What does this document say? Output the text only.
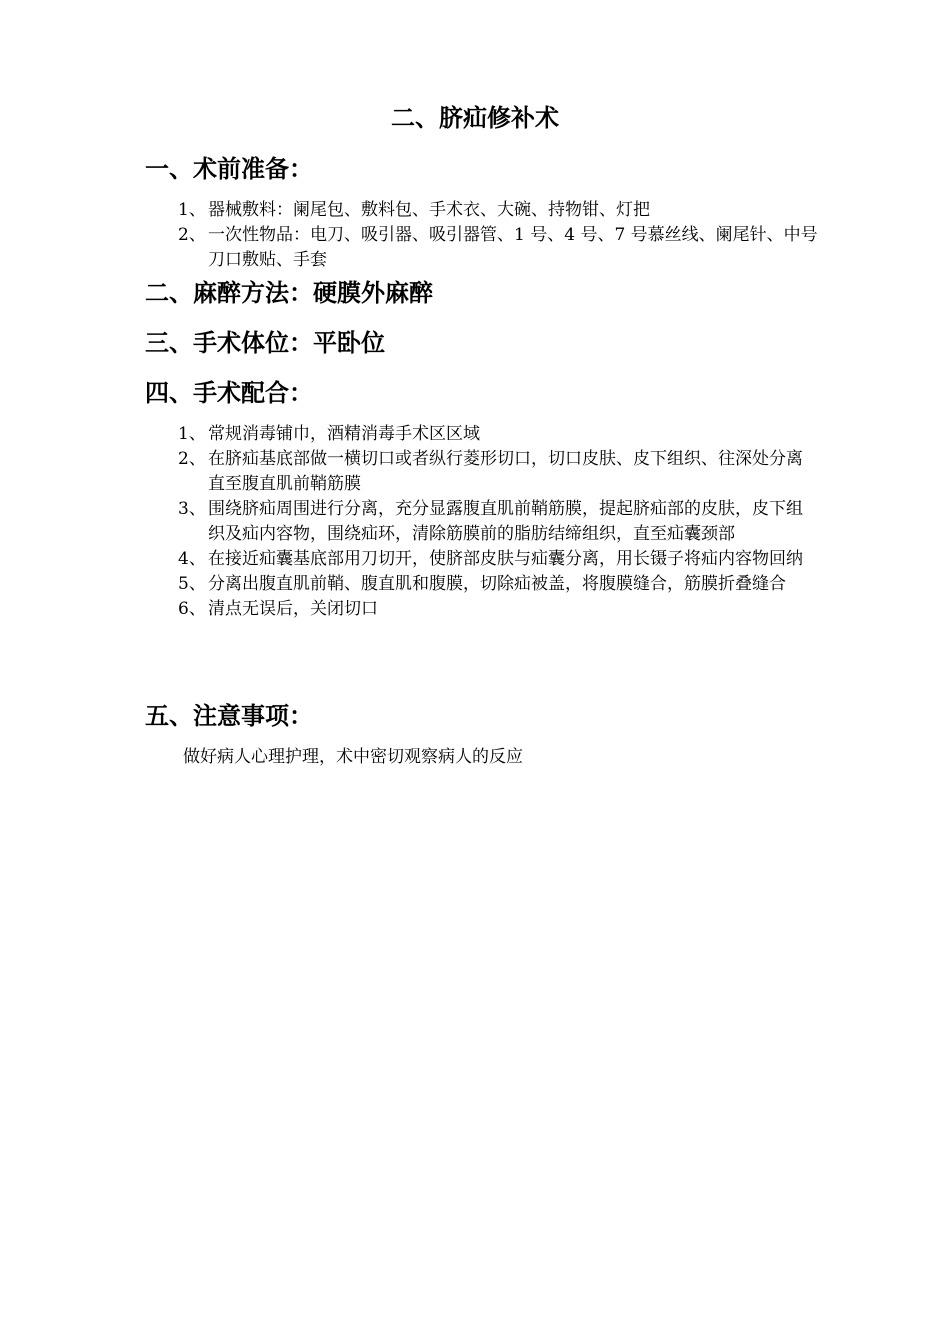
二、脐疝修补术
一、术前准备：
1、 器械敷料：阑尾包、敷料包、手术衣、大碗、持物钳、灯把
2、 一次性物品：电刀、吸引器、吸引器管、1 号、4 号、7 号慕丝线、阑尾针、中号刀口敷贴、手套
二、麻醉方法：硬膜外麻醉
三、手术体位：平卧位
四、手术配合：
1、 常规消毒铺巾，酒精消毒手术区区域
2、 在脐疝基底部做一横切口或者纵行菱形切口，切口皮肤、皮下组织、往深处分离直至腹直肌前鞘筋膜
3、 围绕脐疝周围进行分离，充分显露腹直肌前鞘筋膜，提起脐疝部的皮肤，皮下组织及疝内容物，围绕疝环，清除筋膜前的脂肪结缔组织，直至疝囊颈部
4、 在接近疝囊基底部用刀切开，使脐部皮肤与疝囊分离，用长镊子将疝内容物回纳
5、 分离出腹直肌前鞘、腹直肌和腹膜，切除疝被盖，将腹膜缝合，筋膜折叠缝合
6、 清点无误后，关闭切口
五、注意事项：
做好病人心理护理，术中密切观察病人的反应
